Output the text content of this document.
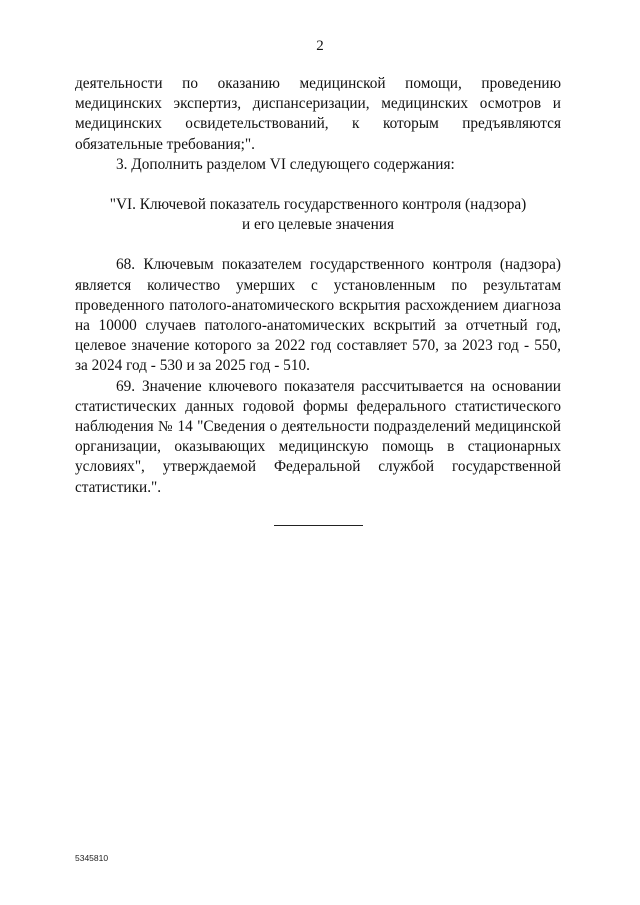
2

деятельности по оказанию медицинской помощи, проведению медицинских экспертиз, диспансеризации, медицинских осмотров и медицинских освидетельствований, к которым предъявляются обязательные требования;".

3. Дополнить разделом VI следующего содержания:

"VI. Ключевой показатель государственного контроля (надзора)
и его целевые значения

68. Ключевым показателем государственного контроля (надзора) является количество умерших с установленным по результатам проведенного патолого-анатомического вскрытия расхождением диагноза на 10000 случаев патолого-анатомических вскрытий за отчетный год, целевое значение которого за 2022 год составляет 570, за 2023 год - 550, за 2024 год - 530 и за 2025 год - 510.

69. Значение ключевого показателя рассчитывается на основании статистических данных годовой формы федерального статистического наблюдения № 14 "Сведения о деятельности подразделений медицинской организации, оказывающих медицинскую помощь в стационарных условиях", утверждаемой Федеральной службой государственной статистики.".

5345810
